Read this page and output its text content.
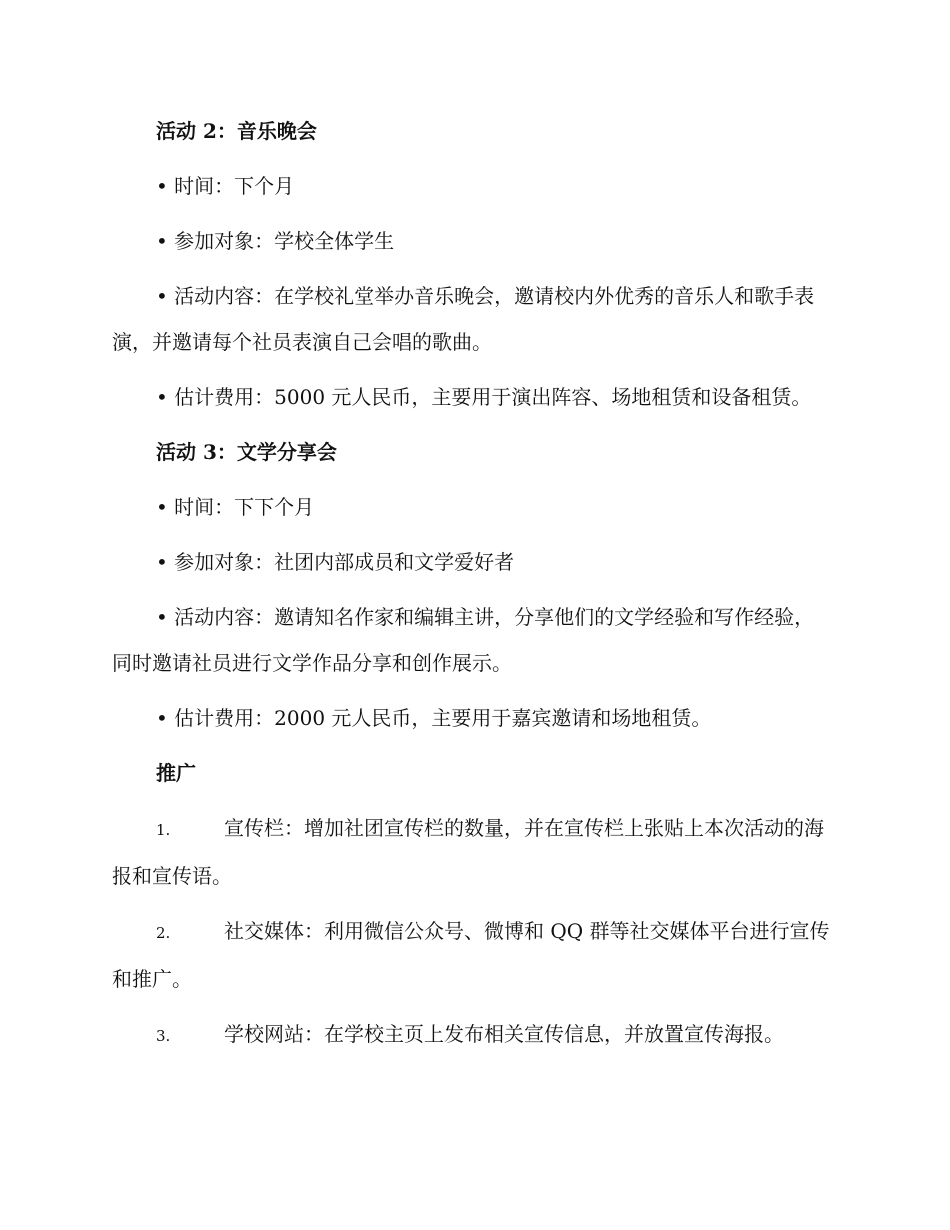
活动 2：音乐晚会

• 时间：下个月

• 参加对象：学校全体学生

• 活动内容：在学校礼堂举办音乐晚会，邀请校内外优秀的音乐人和歌手表演，并邀请每个社员表演自己会唱的歌曲。

• 估计费用：5000 元人民币，主要用于演出阵容、场地租赁和设备租赁。

活动 3：文学分享会

• 时间：下下个月

• 参加对象：社团内部成员和文学爱好者

• 活动内容：邀请知名作家和编辑主讲，分享他们的文学经验和写作经验，同时邀请社员进行文学作品分享和创作展示。

• 估计费用：2000 元人民币，主要用于嘉宾邀请和场地租赁。

推广

1.	宣传栏：增加社团宣传栏的数量，并在宣传栏上张贴上本次活动的海报和宣传语。

2.	社交媒体：利用微信公众号、微博和 QQ 群等社交媒体平台进行宣传和推广。

3.	学校网站：在学校主页上发布相关宣传信息，并放置宣传海报。
